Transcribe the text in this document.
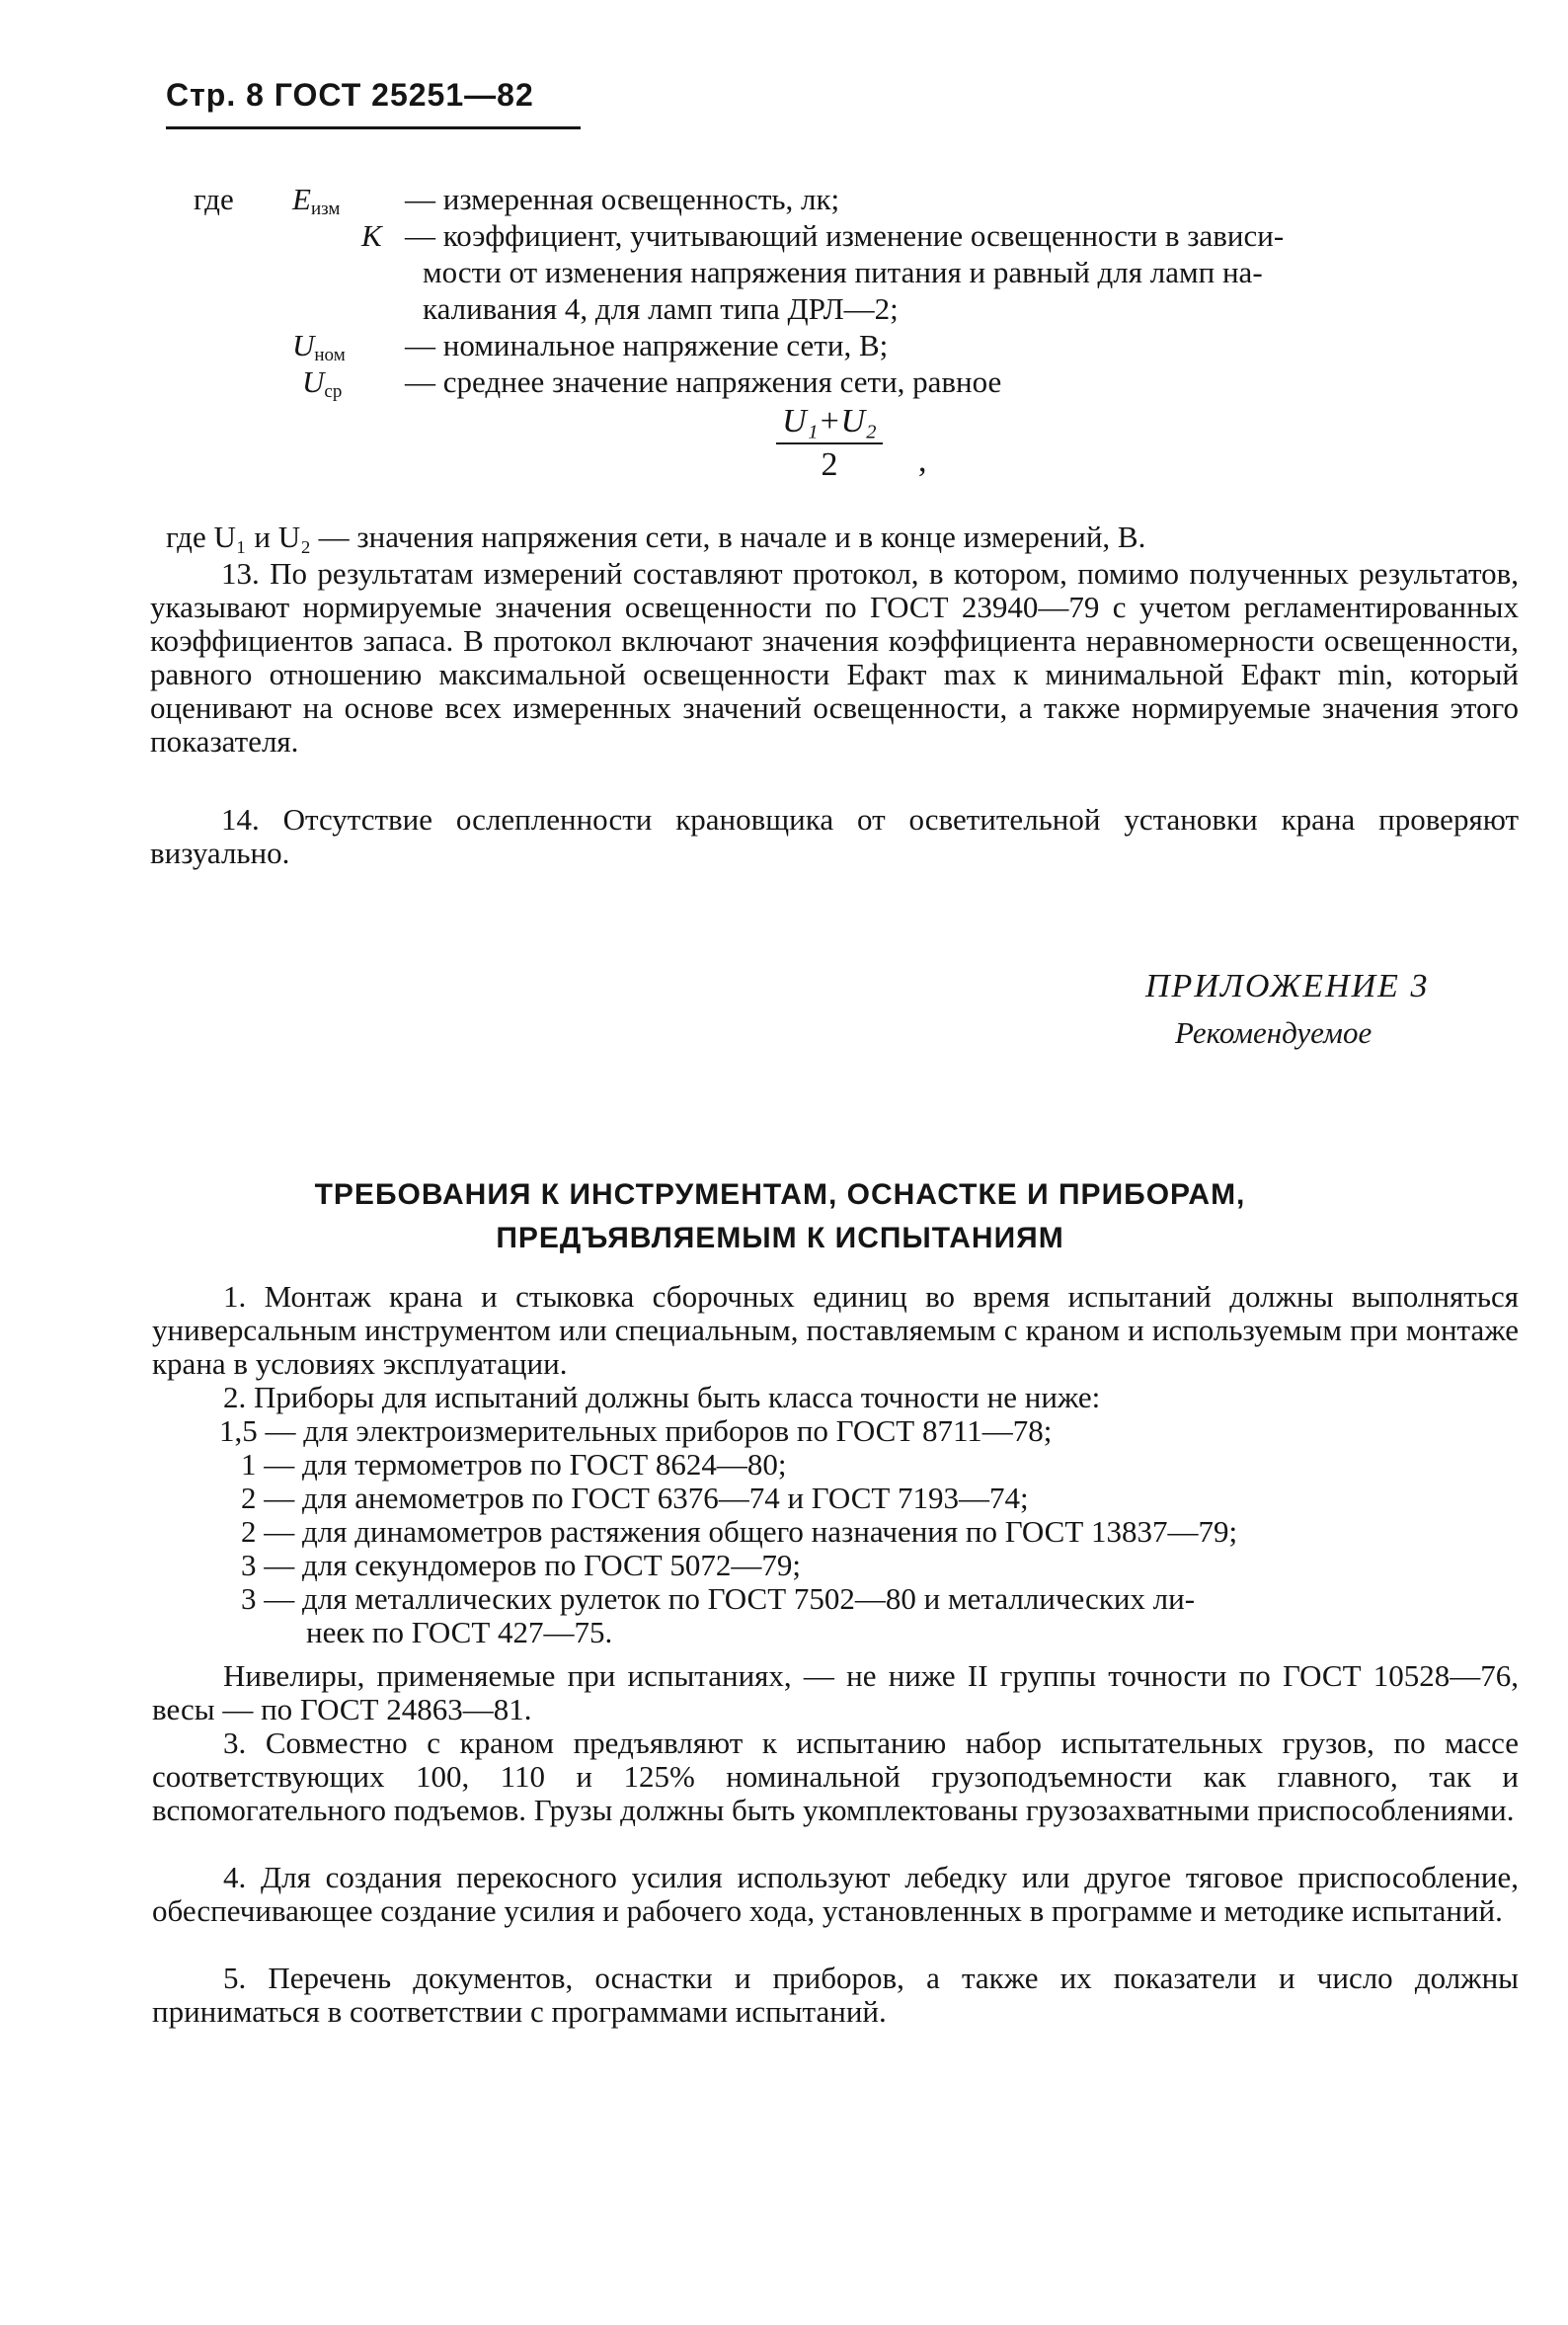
Стр. 8 ГОСТ 25251—82
где $E_{изм}$ — измеренная освещенность, лк;
K — коэффициент, учитывающий изменение освещенности в зависи-
мости от изменения напряжения питания и равный для ламп на-
каливания 4, для ламп типа ДРЛ—2;
$U_{ном}$ — номинальное напряжение сети, В;
$U_{ср}$ — среднее значение напряжения сети, равное
$\frac{\text{U₁+U₂}}{2}$ ,
где U₁ и U₂ — значения напряжения сети, в начале и в конце измерений, В.
13. По результатам измерений составляют протокол, в котором, помимо полученных результатов, указывают нормируемые значения освещенности по ГОСТ 23940—79 с учетом регламентированных коэффициентов запаса. В протокол включают значения коэффициента неравномерности освещенности, равного отношению максимальной освещенности Eфакт max к минимальной Eфакт min, который оценивают на основе всех измеренных значений освещенности, а также нормируемые значения этого показателя.
14. Отсутствие ослепленности крановщика от осветительной установки крана проверяют визуально.
ПРИЛОЖЕНИЕ 3
Рекомендуемое
ТРЕБОВАНИЯ К ИНСТРУМЕНТАМ, ОСНАСТКЕ И ПРИБОРАМ,
ПРЕДЪЯВЛЯЕМЫМ К ИСПЫТАНИЯМ
1. Монтаж крана и стыковка сборочных единиц во время испытаний должны выполняться универсальным инструментом или специальным, поставляемым с краном и используемым при монтаже крана в условиях эксплуатации.
2. Приборы для испытаний должны быть класса точности не ниже:
1,5 — для электроизмерительных приборов по ГОСТ 8711—78;
1 — для термометров по ГОСТ 8624—80;
2 — для анемометров по ГОСТ 6376—74 и ГОСТ 7193—74;
2 — для динамометров растяжения общего назначения по ГОСТ 13837—79;
3 — для секундомеров по ГОСТ 5072—79;
3 — для металлических рулеток по ГОСТ 7502—80 и металлических ли-
неек по ГОСТ 427—75.
Нивелиры, применяемые при испытаниях, — не ниже II группы точности по ГОСТ 10528—76, весы — по ГОСТ 24863—81.
3. Совместно с краном предъявляют к испытанию набор испытательных грузов, по массе соответствующих 100, 110 и 125% номинальной грузоподъемности как главного, так и вспомогательного подъемов. Грузы должны быть укомплектованы грузозахватными приспособлениями.
4. Для создания перекосного усилия используют лебедку или другое тяговое приспособление, обеспечивающее создание усилия и рабочего хода, установленных в программе и методике испытаний.
5. Перечень документов, оснастки и приборов, а также их показатели и число должны приниматься в соответствии с программами испытаний.
